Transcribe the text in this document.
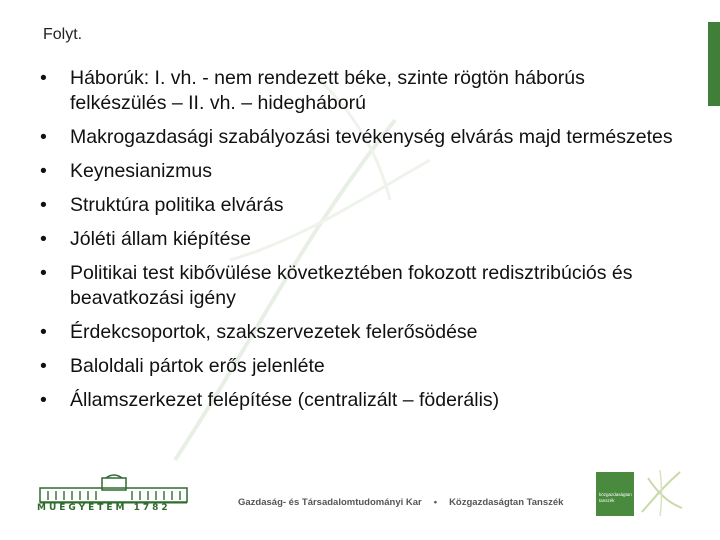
Folyt.
•	Háborúk: I. vh. - nem rendezett béke, szinte rögtön háborús felkészülés – II. vh. – hidegháború
•	Makrogazdasági szabályozási tevékenység elvárás majd természetes
•	Keynesianizmus
•	Struktúra politika elvárás
•	Jóléti állam kiépítése
•	Politikai test kibővülése következtében fokozott redisztribúciós és beavatkozási igény
•	Érdekcsoportok, szakszervezetek felerősödése
•	Baloldali pártok erős jelenléte
•	Államszerkezet felépítése (centralizált – föderális)
MŰEGYETEM 1782	Gazdaság- és Társadalomtudományi Kar • Közgazdaságtan Tanszék
közgazdaságtan
tanszék
